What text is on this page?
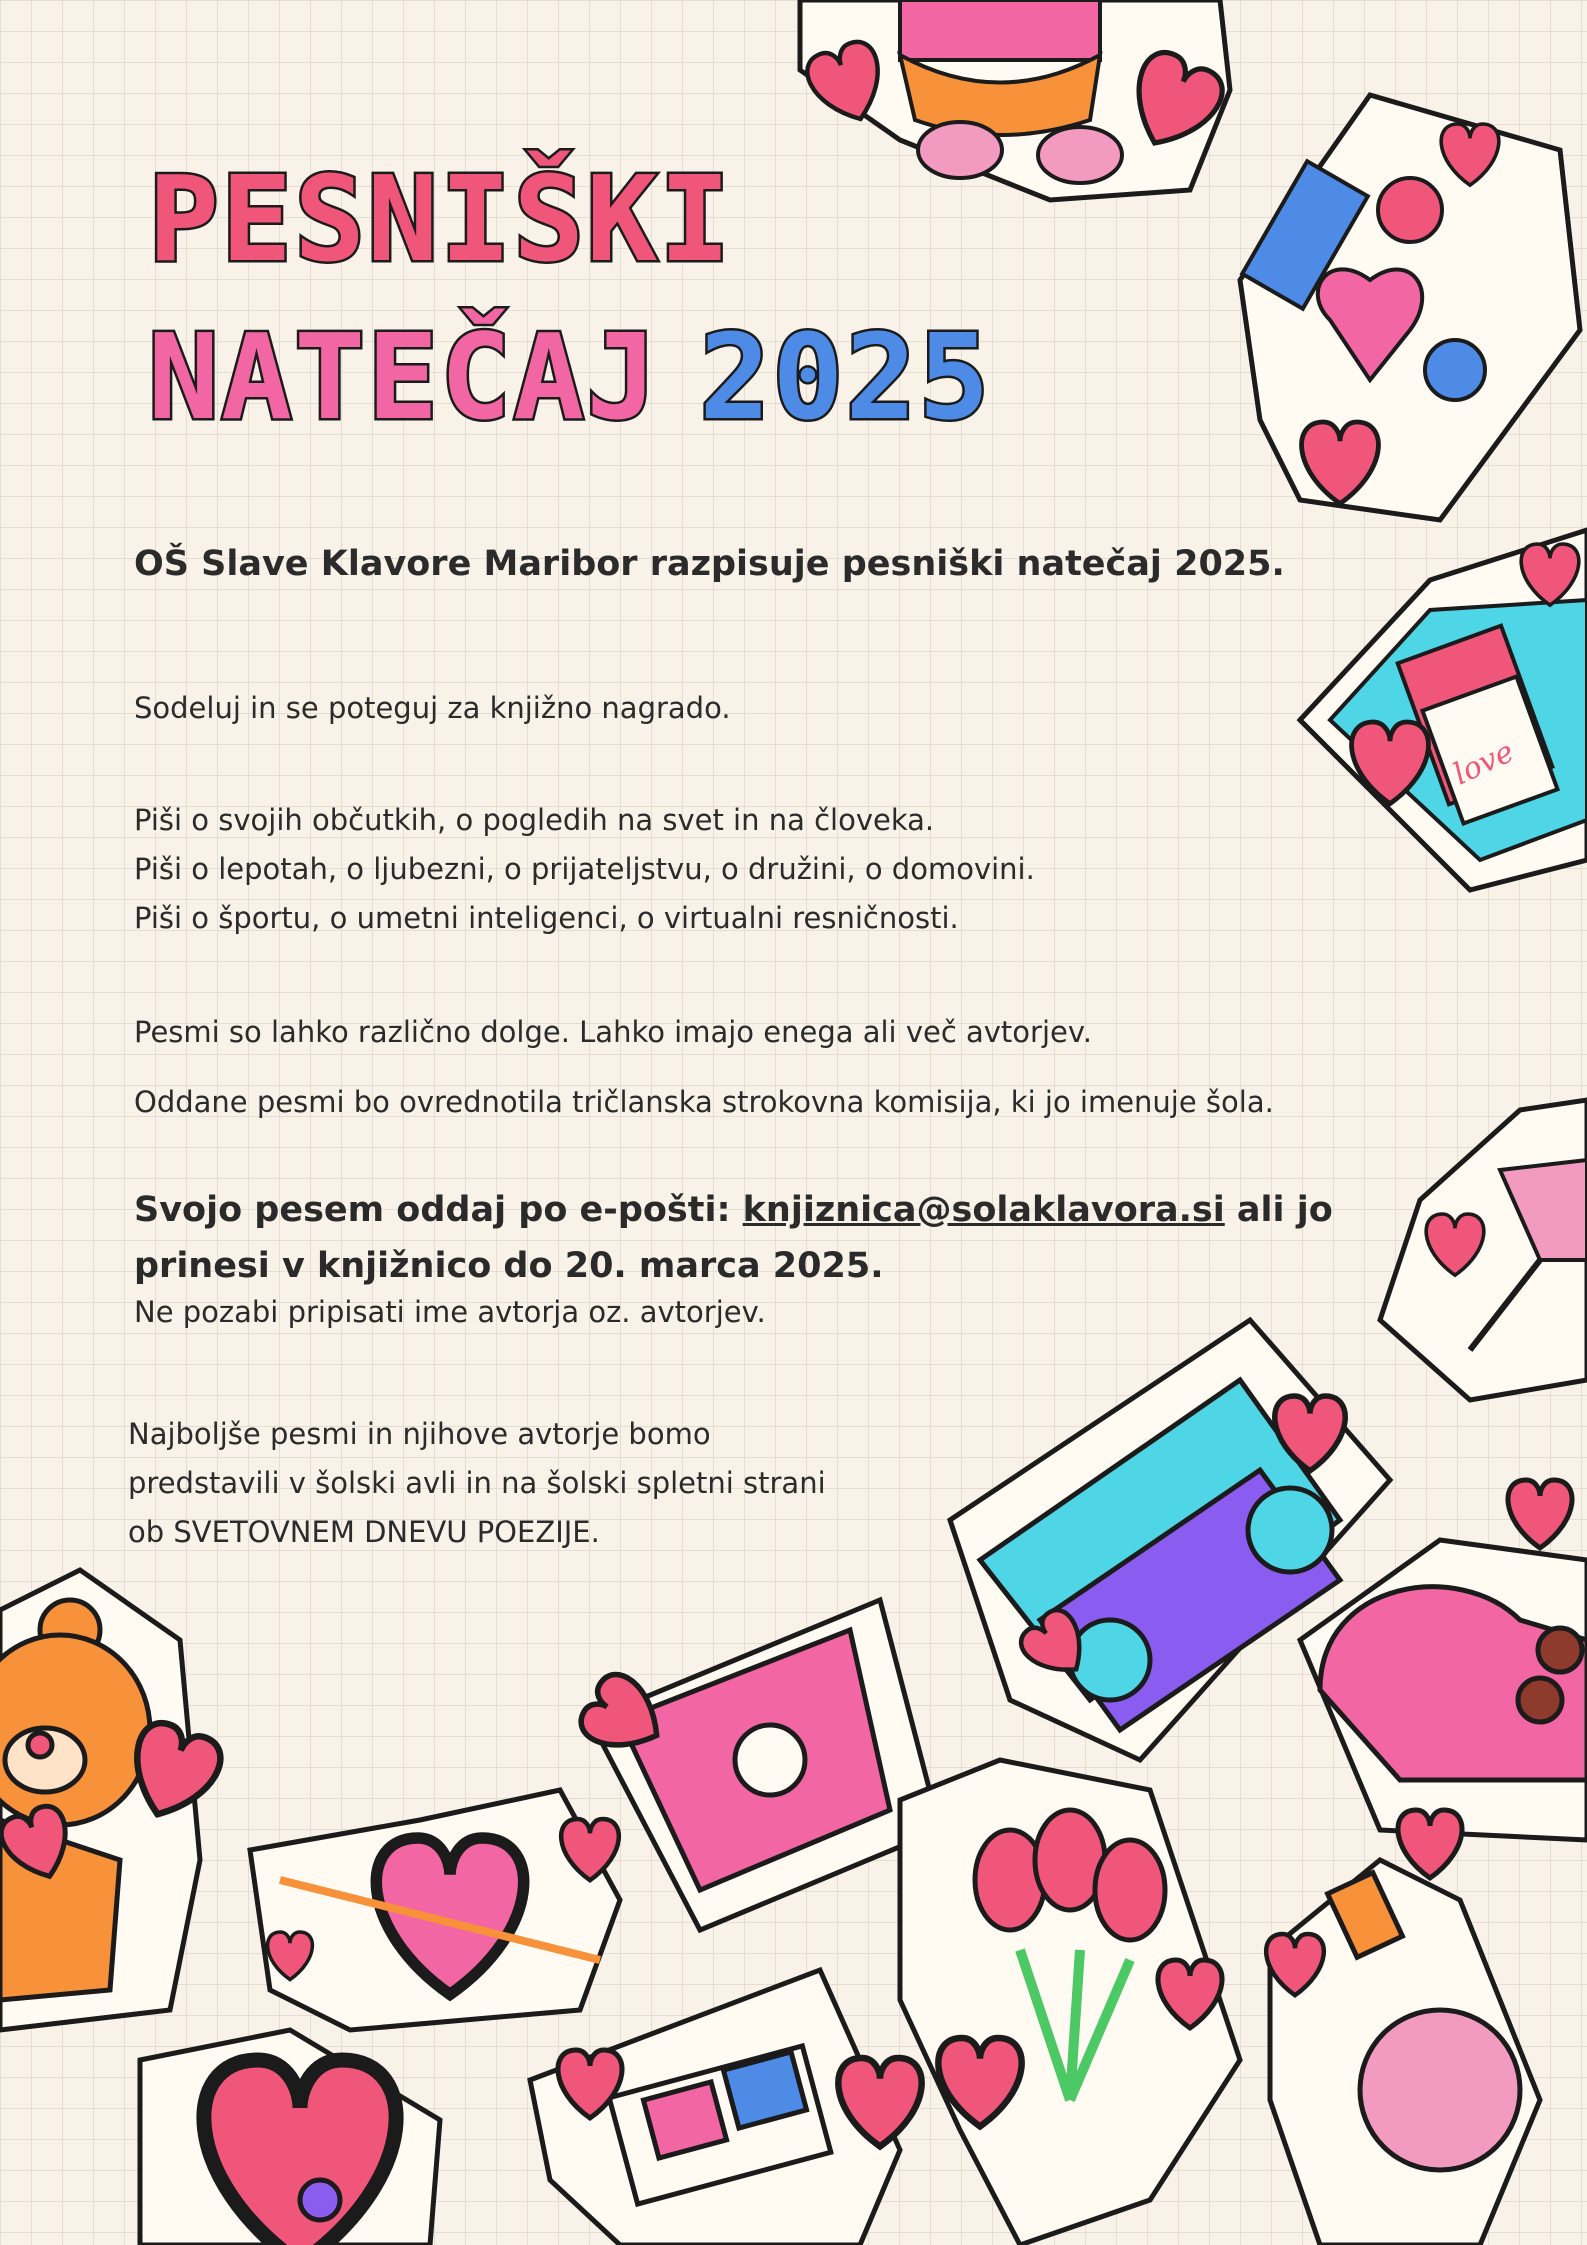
love
PESNIŠKI
NATEČAJ 2025

OŠ Slave Klavore Maribor razpisuje pesniški natečaj 2025.

Sodeluj in se poteguj za knjižno nagrado.

Piši o svojih občutkih, o pogledih na svet in na človeka.
Piši o lepotah, o ljubezni, o prijateljstvu, o družini, o domovini.
Piši o športu, o umetni inteligenci, o virtualni resničnosti.

Pesmi so lahko različno dolge. Lahko imajo enega ali več avtorjev.

Oddane pesmi bo ovrednotila tričlanska strokovna komisija, ki jo imenuje šola.

Svojo pesem oddaj po e-pošti: knjiznica@solaklavora.si ali jo
prinesi v knjižnico do 20. marca 2025.
Ne pozabi pripisati ime avtorja oz. avtorjev.
Najboljše pesmi in njihove avtorje bomo
predstavili v šolski avli in na šolski spletni strani
ob SVETOVNEM DNEVU POEZIJE.
